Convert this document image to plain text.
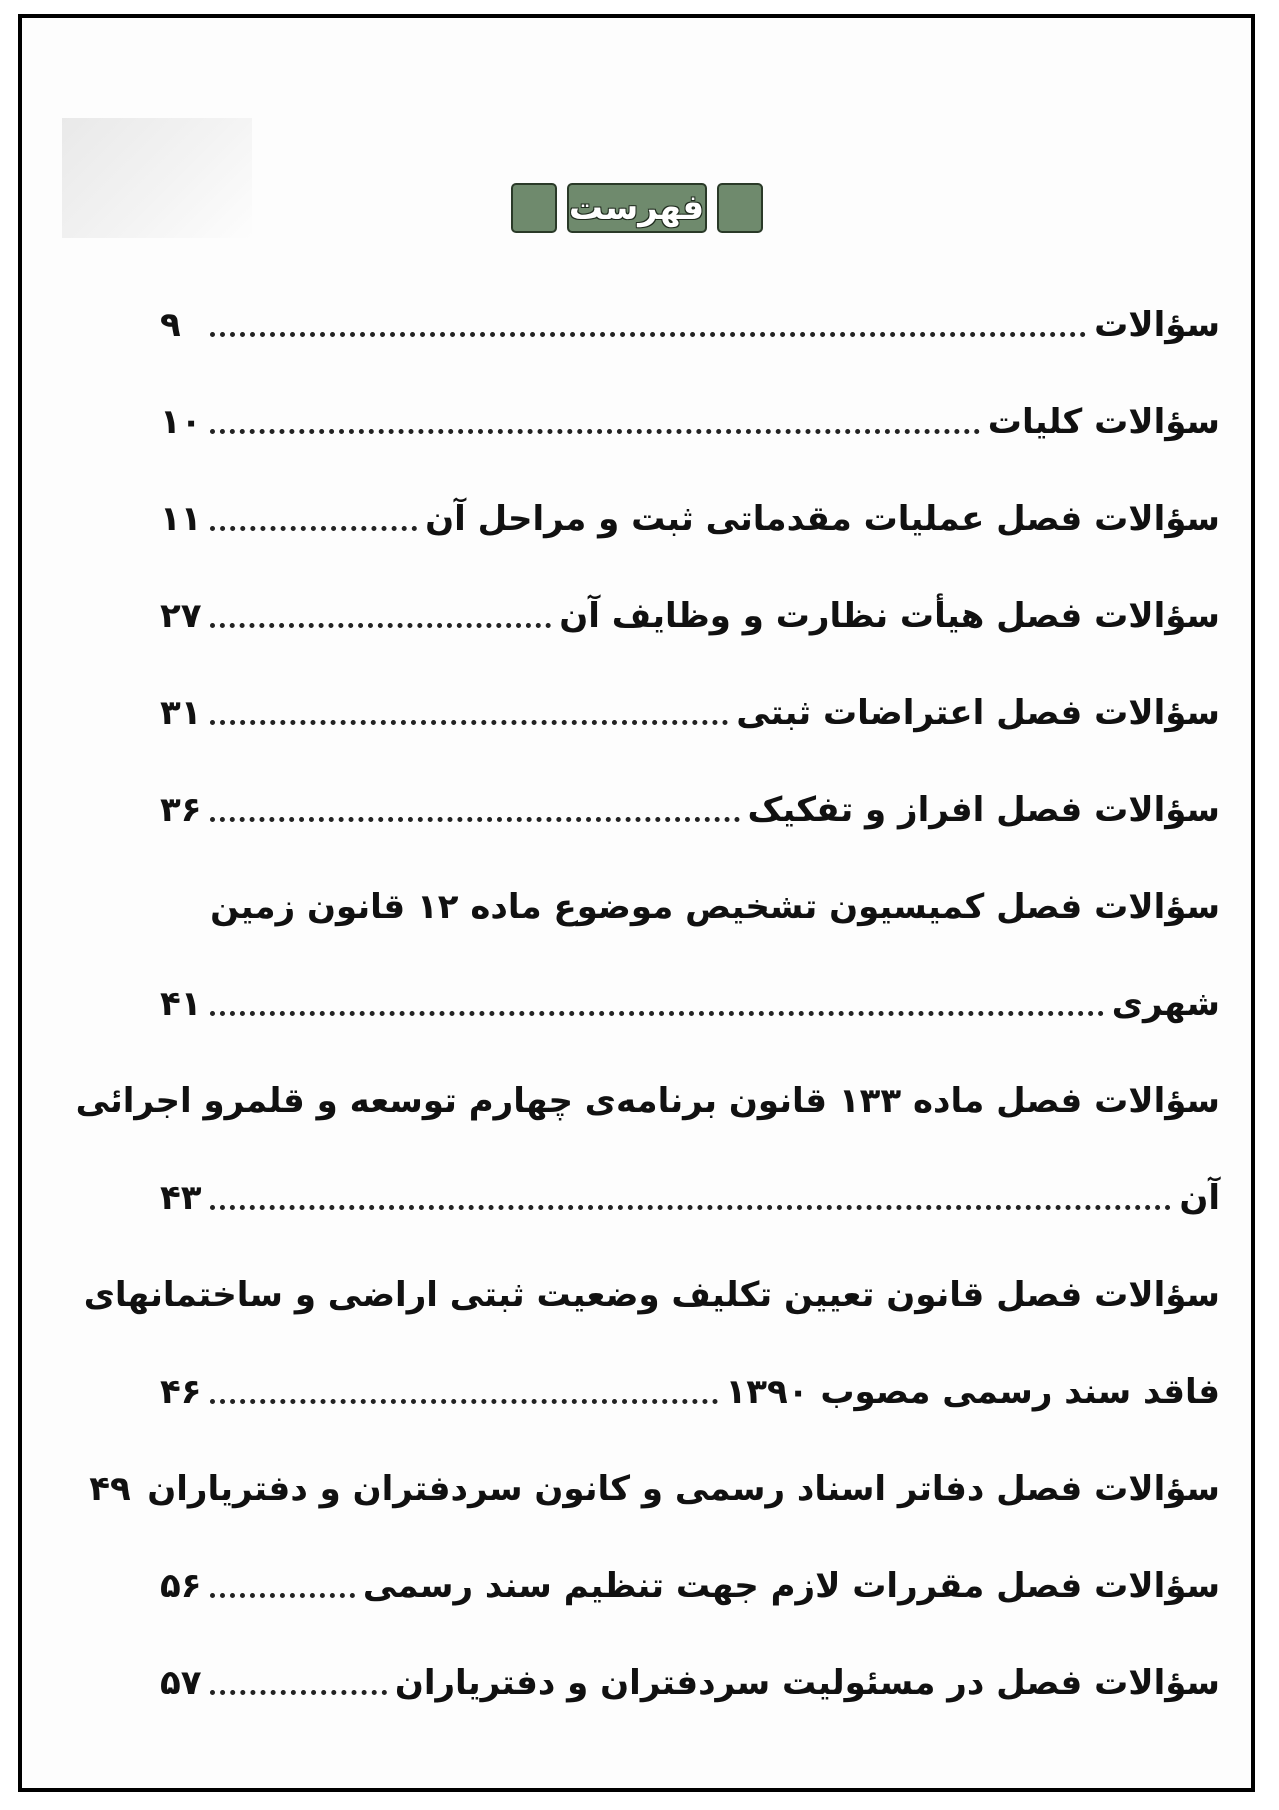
فهرست
سؤالات
۹
سؤالات کلیات
۱۰
سؤالات فصل عملیات مقدماتی ثبت و مراحل آن
۱۱
سؤالات فصل هیأت نظارت و وظایف آن
۲۷
سؤالات فصل اعتراضات ثبتی
۳۱
سؤالات فصل افراز و تفکیک
۳۶
سؤالات فصل کمیسیون تشخیص موضوع ماده ۱۲ قانون زمین
شهری
۴۱
سؤالات فصل ماده ۱۳۳ قانون برنامه‌ی چهارم توسعه و قلمرو اجرائی
آن
۴۳
سؤالات فصل قانون تعیین تکلیف وضعیت ثبتی اراضی و ساختمانهای
فاقد سند رسمی مصوب ۱۳۹۰
۴۶
سؤالات فصل دفاتر اسناد رسمی و کانون سردفتران و دفتریاران
۴۹
سؤالات فصل مقررات لازم جهت تنظیم سند رسمی
۵۶
سؤالات فصل در مسئولیت سردفتران و دفتریاران
۵۷
